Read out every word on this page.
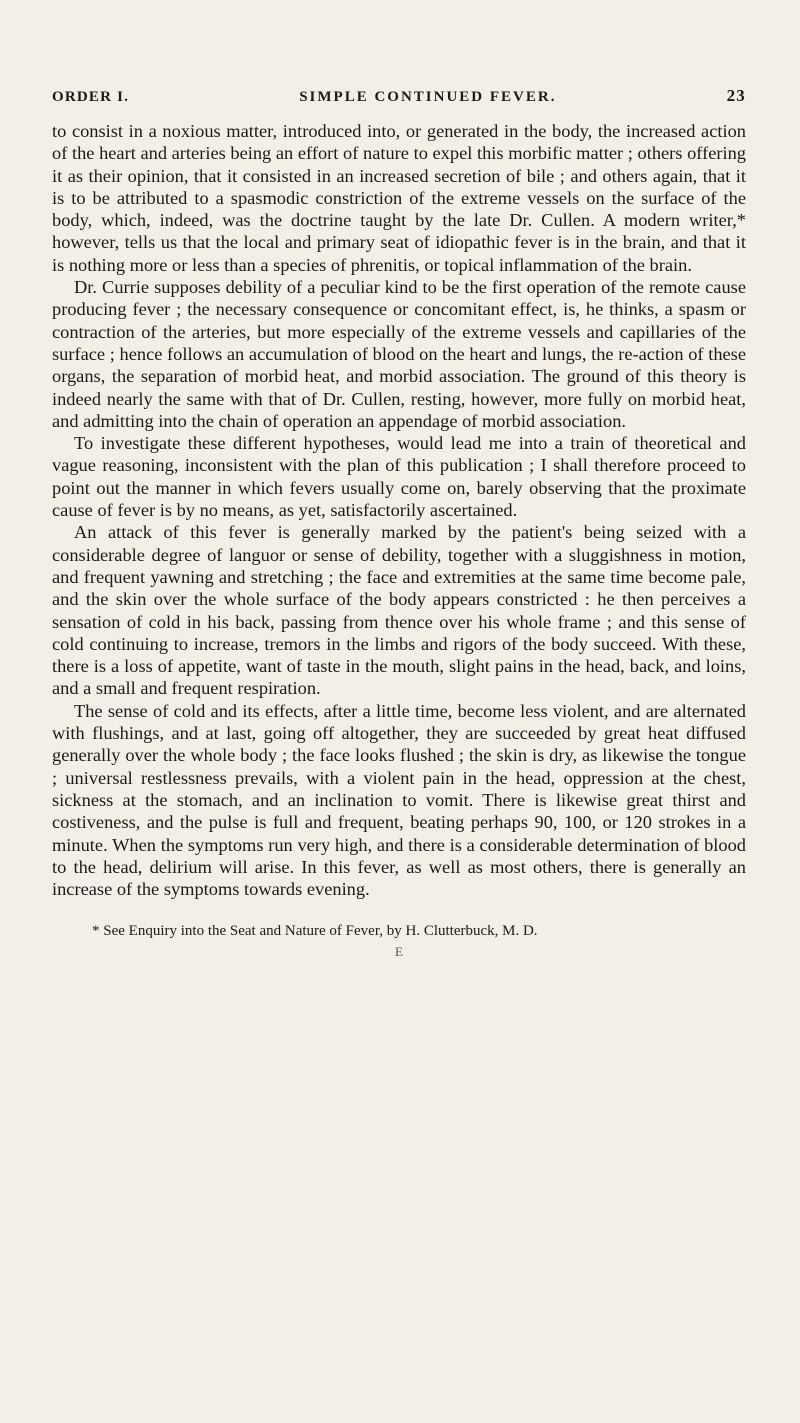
ORDER I.	SIMPLE CONTINUED FEVER.	23

to consist in a noxious matter, introduced into, or generated in the body, the increased action of the heart and arteries being an effort of nature to expel this morbific matter ; others offering it as their opinion, that it consisted in an increased secretion of bile ; and others again, that it is to be attributed to a spasmodic constriction of the extreme vessels on the surface of the body, which, indeed, was the doctrine taught by the late Dr. Cullen. A modern writer,* however, tells us that the local and primary seat of idiopathic fever is in the brain, and that it is nothing more or less than a species of phrenitis, or topical inflammation of the brain.

Dr. Currie supposes debility of a peculiar kind to be the first operation of the remote cause producing fever ; the necessary consequence or concomitant effect, is, he thinks, a spasm or contraction of the arteries, but more especially of the extreme vessels and capillaries of the surface ; hence follows an accumulation of blood on the heart and lungs, the re-action of these organs, the separation of morbid heat, and morbid association. The ground of this theory is indeed nearly the same with that of Dr. Cullen, resting, however, more fully on morbid heat, and admitting into the chain of operation an appendage of morbid association.

To investigate these different hypotheses, would lead me into a train of theoretical and vague reasoning, inconsistent with the plan of this publication ; I shall therefore proceed to point out the manner in which fevers usually come on, barely observing that the proximate cause of fever is by no means, as yet, satisfactorily ascertained.

An attack of this fever is generally marked by the patient's being seized with a considerable degree of languor or sense of debility, together with a sluggishness in motion, and frequent yawning and stretching ; the face and extremities at the same time become pale, and the skin over the whole surface of the body appears constricted : he then perceives a sensation of cold in his back, passing from thence over his whole frame ; and this sense of cold continuing to increase, tremors in the limbs and rigors of the body succeed. With these, there is a loss of appetite, want of taste in the mouth, slight pains in the head, back, and loins, and a small and frequent respiration.

The sense of cold and its effects, after a little time, become less violent, and are alternated with flushings, and at last, going off altogether, they are succeeded by great heat diffused generally over the whole body ; the face looks flushed ; the skin is dry, as likewise the tongue ; universal restlessness prevails, with a violent pain in the head, oppression at the chest, sickness at the stomach, and an inclination to vomit. There is likewise great thirst and costiveness, and the pulse is full and frequent, beating perhaps 90, 100, or 120 strokes in a minute. When the symptoms run very high, and there is a considerable determination of blood to the head, delirium will arise. In this fever, as well as most others, there is generally an increase of the symptoms towards evening.

* See Enquiry into the Seat and Nature of Fever, by H. Clutterbuck, M. D.
E
